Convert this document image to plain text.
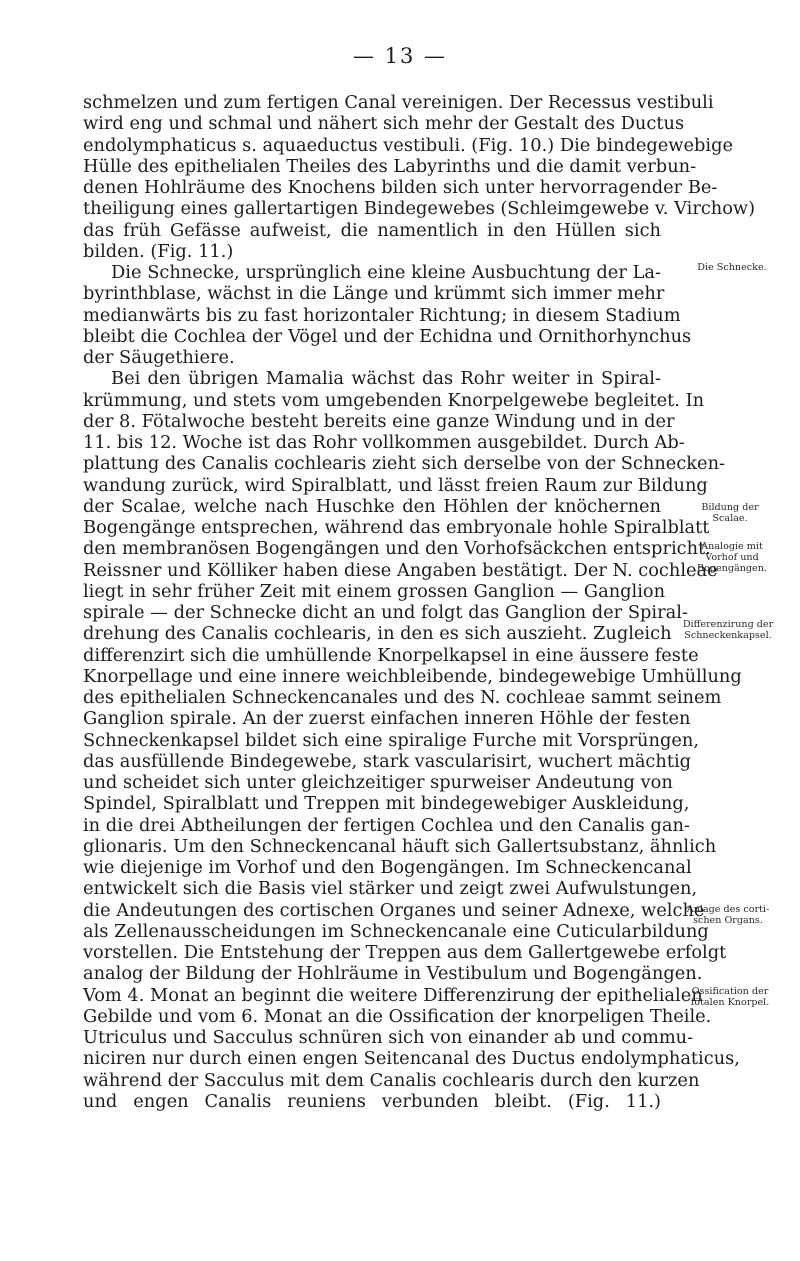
— 13 —
schmelzen und zum fertigen Canal vereinigen. Der Recessus vestibuli
wird eng und schmal und nähert sich mehr der Gestalt des Ductus
endolymphaticus s. aquaeductus vestibuli. (Fig. 10.) Die bindegewebige
Hülle des epithelialen Theiles des Labyrinths und die damit verbun-
denen Hohlräume des Knochens bilden sich unter hervorragender Be-
theiligung eines gallertartigen Bindegewebes (Schleimgewebe v. Virchow)
das früh Gefässe aufweist, die namentlich in den Hüllen sich
bilden. (Fig. 11.)
Die Schnecke, ursprünglich eine kleine Ausbuchtung der La-
byrinthblase, wächst in die Länge und krümmt sich immer mehr
medianwärts bis zu fast horizontaler Richtung; in diesem Stadium
bleibt die Cochlea der Vögel und der Echidna und Ornithorhynchus
der Säugethiere.
Bei den übrigen Mamalia wächst das Rohr weiter in Spiral-
krümmung, und stets vom umgebenden Knorpelgewebe begleitet. In
der 8. Fötalwoche besteht bereits eine ganze Windung und in der
11. bis 12. Woche ist das Rohr vollkommen ausgebildet. Durch Ab-
plattung des Canalis cochlearis zieht sich derselbe von der Schnecken-
wandung zurück, wird Spiralblatt, und lässt freien Raum zur Bildung
der Scalae, welche nach Huschke den Höhlen der knöchernen
Bogengänge entsprechen, während das embryonale hohle Spiralblatt
den membranösen Bogengängen und den Vorhofsäckchen entspricht.
Reissner und Kölliker haben diese Angaben bestätigt. Der N. cochleae
liegt in sehr früher Zeit mit einem grossen Ganglion — Ganglion
spirale — der Schnecke dicht an und folgt das Ganglion der Spiral-
drehung des Canalis cochlearis, in den es sich auszieht. Zugleich
differenzirt sich die umhüllende Knorpelkapsel in eine äussere feste
Knorpellage und eine innere weichbleibende, bindegewebige Umhüllung
des epithelialen Schneckencanales und des N. cochleae sammt seinem
Ganglion spirale. An der zuerst einfachen inneren Höhle der festen
Schneckenkapsel bildet sich eine spiralige Furche mit Vorsprüngen,
das ausfüllende Bindegewebe, stark vascularisirt, wuchert mächtig
und scheidet sich unter gleichzeitiger spurweiser Andeutung von
Spindel, Spiralblatt und Treppen mit bindegewebiger Auskleidung,
in die drei Abtheilungen der fertigen Cochlea und den Canalis gan-
glionaris. Um den Schneckencanal häuft sich Gallertsubstanz, ähnlich
wie diejenige im Vorhof und den Bogengängen. Im Schneckencanal
entwickelt sich die Basis viel stärker und zeigt zwei Aufwulstungen,
die Andeutungen des cortischen Organes und seiner Adnexe, welche
als Zellenausscheidungen im Schneckencanale eine Cuticularbildung
vorstellen. Die Entstehung der Treppen aus dem Gallertgewebe erfolgt
analog der Bildung der Hohlräume in Vestibulum und Bogengängen.
Vom 4. Monat an beginnt die weitere Differenzirung der epithelialen
Gebilde und vom 6. Monat an die Ossification der knorpeligen Theile.
Utriculus und Sacculus schnüren sich von einander ab und commu-
niciren nur durch einen engen Seitencanal des Ductus endolymphaticus,
während der Sacculus mit dem Canalis cochlearis durch den kurzen
und engen Canalis reuniens verbunden bleibt. (Fig. 11.)
Die Schnecke.
Bildung der Scalae.
Analogie mit Vorhof und Bogengängen.
Differenzirung der Schneckenkapsel.
Anlage des corti-schen Organs.
Ossification der fötalen Knorpel.
